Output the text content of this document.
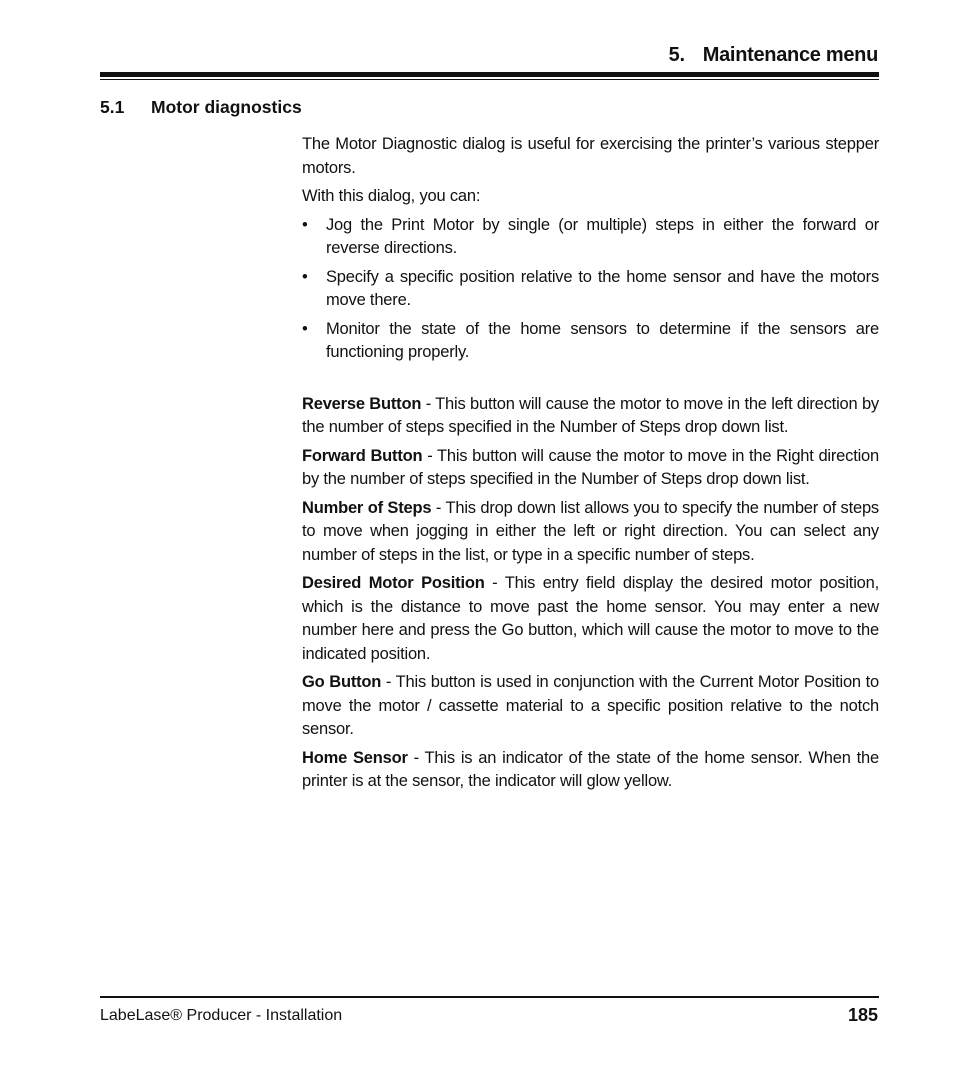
5. Maintenance menu
5.1 Motor diagnostics

The Motor Diagnostic dialog is useful for exercising the printer’s various stepper motors.

With this dialog, you can:

• Jog the Print Motor by single (or multiple) steps in either the forward or reverse directions.
• Specify a specific position relative to the home sensor and have the motors move there.
• Monitor the state of the home sensors to determine if the sensors are functioning properly.

Reverse Button - This button will cause the motor to move in the left direction by the number of steps specified in the Number of Steps drop down list.

Forward Button - This button will cause the motor to move in the Right direction by the number of steps specified in the Number of Steps drop down list.

Number of Steps - This drop down list allows you to specify the number of steps to move when jogging in either the left or right direction. You can select any number of steps in the list, or type in a specific number of steps.

Desired Motor Position - This entry field display the desired motor position, which is the distance to move past the home sensor. You may enter a new number here and press the Go button, which will cause the motor to move to the indicated position.

Go Button - This button is used in conjunction with the Current Motor Position to move the motor / cassette material to a specific position relative to the notch sensor.

Home Sensor - This is an indicator of the state of the home sensor. When the printer is at the sensor, the indicator will glow yellow.

LabeLase® Producer - Installation	185
